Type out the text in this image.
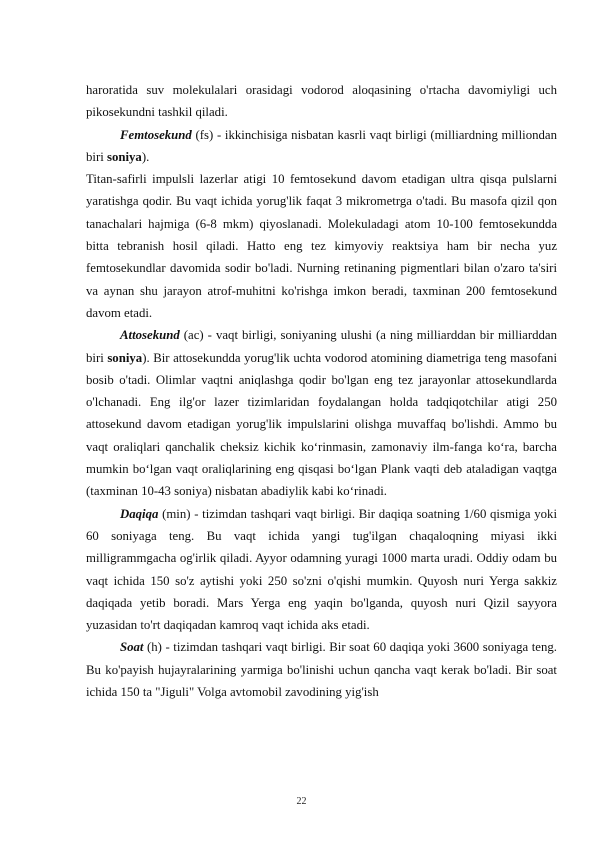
haroratida suv molekulalari orasidagi vodorod aloqasining o'rtacha davomiyligi uch pikosekundni tashkil qiladi.

Femtosekund (fs) - ikkinchisiga nisbatan kasrli vaqt birligi (milliardning milliondan biri soniya).

Titan-safirli impulsli lazerlar atigi 10 femtosekund davom etadigan ultra qisqa pulslarni yaratishga qodir. Bu vaqt ichida yorug'lik faqat 3 mikrometrga o'tadi. Bu masofa qizil qon tanachalari hajmiga (6-8 mkm) qiyoslanadi. Molekuladagi atom 10-100 femtosekundda bitta tebranish hosil qiladi. Hatto eng tez kimyoviy reaktsiya ham bir necha yuz femtosekundlar davomida sodir bo'ladi. Nurning retinaning pigmentlari bilan o'zaro ta'siri va aynan shu jarayon atrof-muhitni ko'rishga imkon beradi, taxminan 200 femtosekund davom etadi.

Attosekund (ac) - vaqt birligi, soniyaning ulushi (a ning milliarddan bir milliarddan biri soniya). Bir attosekundda yorug'lik uchta vodorod atomining diametriga teng masofani bosib o'tadi. Olimlar vaqtni aniqlashga qodir bo'lgan eng tez jarayonlar attosekundlarda o'lchanadi. Eng ilg'or lazer tizimlaridan foydalangan holda tadqiqotchilar atigi 250 attosekund davom etadigan yorug'lik impulslarini olishga muvaffaq bo'lishdi. Ammo bu vaqt oraliqlari qanchalik cheksiz kichik ko‘rinmasin, zamonaviy ilm-fanga ko‘ra, barcha mumkin bo‘lgan vaqt oraliqlarining eng qisqasi bo‘lgan Plank vaqti deb ataladigan vaqtga (taxminan 10-43 soniya) nisbatan abadiylik kabi ko‘rinadi.

Daqiqa (min) - tizimdan tashqari vaqt birligi. Bir daqiqa soatning 1/60 qismiga yoki 60 soniyaga teng. Bu vaqt ichida yangi tug'ilgan chaqaloqning miyasi ikki milligrammgacha og'irlik qiladi. Ayyor odamning yuragi 1000 marta uradi. Oddiy odam bu vaqt ichida 150 so'z aytishi yoki 250 so'zni o'qishi mumkin. Quyosh nuri Yerga sakkiz daqiqada yetib boradi. Mars Yerga eng yaqin bo'lganda, quyosh nuri Qizil sayyora yuzasidan to'rt daqiqadan kamroq vaqt ichida aks etadi.

Soat (h) - tizimdan tashqari vaqt birligi. Bir soat 60 daqiqa yoki 3600 soniyaga teng. Bu ko'payish hujayralarining yarmiga bo'linishi uchun qancha vaqt kerak bo'ladi. Bir soat ichida 150 ta "Jiguli" Volga avtomobil zavodining yig'ish

22
